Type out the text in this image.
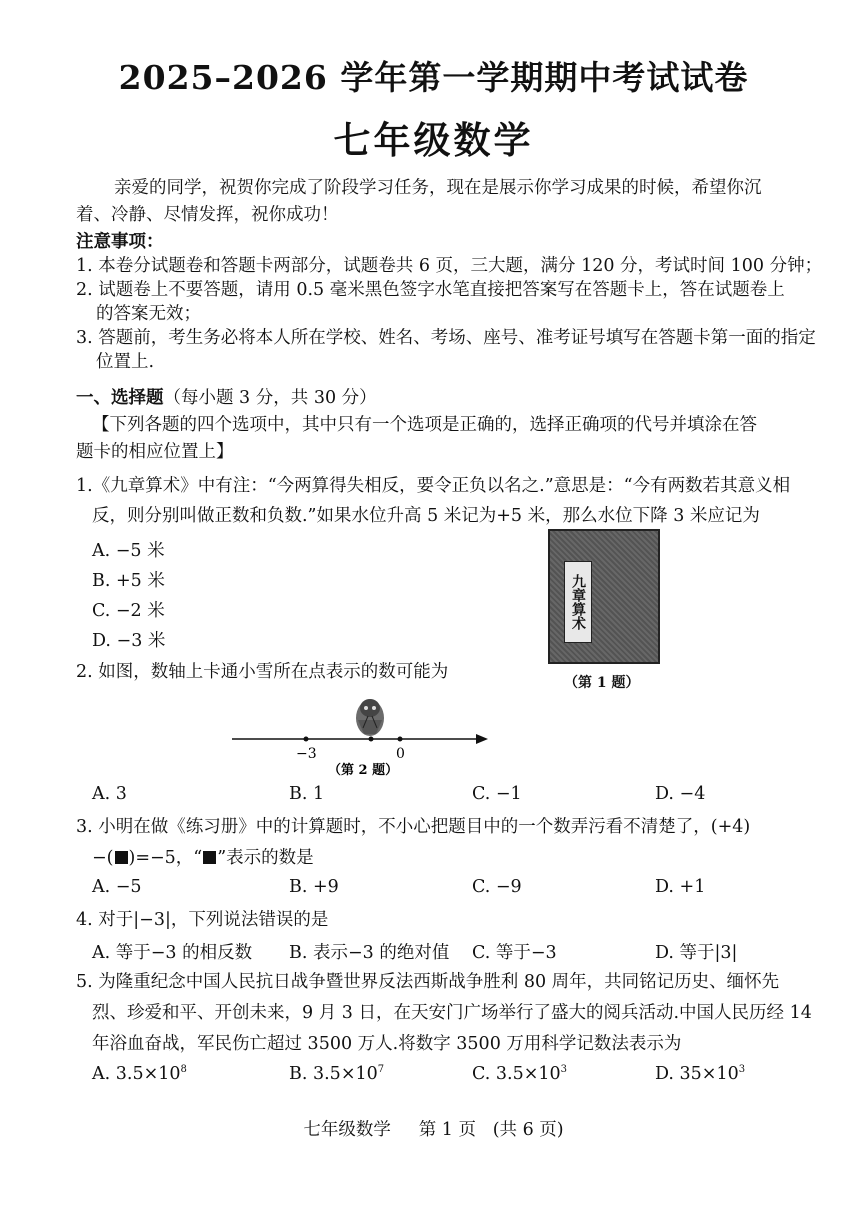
2025–2026 学年第一学期期中考试试卷
七年级数学
亲爱的同学，祝贺你完成了阶段学习任务，现在是展示你学习成果的时候，希望你沉
着、冷静、尽情发挥，祝你成功！
注意事项：
1. 本卷分试题卷和答题卡两部分，试题卷共 6 页，三大题，满分 120 分，考试时间 100 分钟；
2. 试题卷上不要答题，请用 0.5 毫米黑色签字水笔直接把答案写在答题卡上，答在试题卷上
的答案无效；
3. 答题前，考生务必将本人所在学校、姓名、考场、座号、准考证号填写在答题卡第一面的指定
位置上.
一、选择题（每小题 3 分，共 30 分）
【下列各题的四个选项中，其中只有一个选项是正确的，选择正确项的代号并填涂在答
题卡的相应位置上】
1.《九章算术》中有注：“今两算得失相反，要令正负以名之.”意思是：“今有两数若其意义相
反，则分别叫做正数和负数.”如果水位升高 5 米记为+5 米，那么水位下降 3 米应记为
A. −5 米
B. +5 米
C. −2 米
D. −3 米
九章算术
（第 1 题）
2. 如图，数轴上卡通小雪所在点表示的数可能为
−3	0
（第 2 题）
A. 3	B. 1	C. −1	D. −4
3. 小明在做《练习册》中的计算题时，不小心把题目中的一个数弄污看不清楚了，(+4)
−( )=−5，“ ”表示的数是
A. −5	B. +9	C. −9	D. +1
4. 对于|−3|，下列说法错误的是
A. 等于−3 的相反数 B. 表示−3 的绝对值 C. 等于−3	D. 等于|3|
5. 为隆重纪念中国人民抗日战争暨世界反法西斯战争胜利 80 周年，共同铭记历史、缅怀先
烈、珍爱和平、开创未来，9 月 3 日，在天安门广场举行了盛大的阅兵活动.中国人民历经 14
年浴血奋战，军民伤亡超过 3500 万人.将数字 3500 万用科学记数法表示为
A. $3.5\times 10^8$	B. $3.5\times 10^7$	C. $3.5\times 10^3$	D. $35\times 10^3$
七年级数学 第 1 页 (共 6 页)
